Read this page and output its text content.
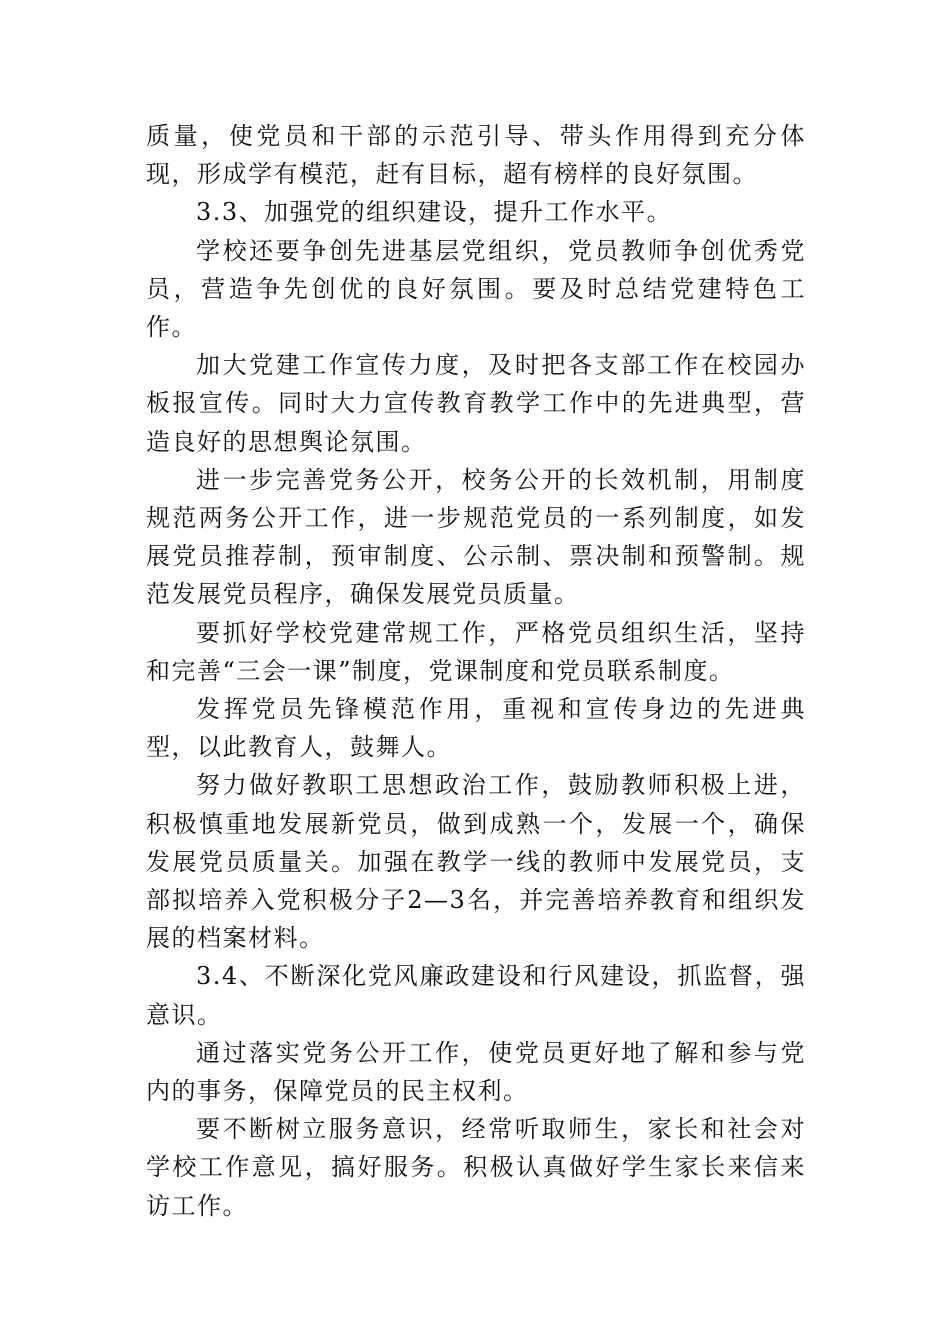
质量，使党员和干部的示范引导、带头作用得到充分体现，形成学有模范，赶有目标，超有榜样的良好氛围。

3.3、加强党的组织建设，提升工作水平。

学校还要争创先进基层党组织，党员教师争创优秀党员，营造争先创优的良好氛围。要及时总结党建特色工作。

加大党建工作宣传力度，及时把各支部工作在校园办板报宣传。同时大力宣传教育教学工作中的先进典型，营造良好的思想舆论氛围。

进一步完善党务公开，校务公开的长效机制，用制度规范两务公开工作，进一步规范党员的一系列制度，如发展党员推荐制，预审制度、公示制、票决制和预警制。规范发展党员程序，确保发展党员质量。

要抓好学校党建常规工作，严格党员组织生活，坚持和完善“三会一课”制度，党课制度和党员联系制度。

发挥党员先锋模范作用，重视和宣传身边的先进典型，以此教育人，鼓舞人。

努力做好教职工思想政治工作，鼓励教师积极上进，积极慎重地发展新党员，做到成熟一个，发展一个，确保发展党员质量关。加强在教学一线的教师中发展党员，支部拟培养入党积极分子2—3名，并完善培养教育和组织发展的档案材料。

3.4、不断深化党风廉政建设和行风建设，抓监督，强意识。

通过落实党务公开工作，使党员更好地了解和参与党内的事务，保障党员的民主权利。

要不断树立服务意识，经常听取师生，家长和社会对学校工作意见，搞好服务。积极认真做好学生家长来信来访工作。
